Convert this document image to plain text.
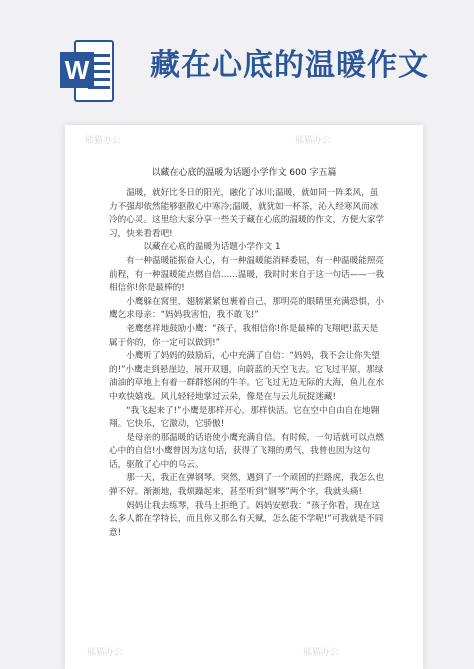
W 藏在心底的温暖作文
熊猫办公	熊猫办公
熊猫办公	熊猫办公
以藏在心底的温暖为话题小学作文 600 字五篇

温暖，就好比冬日的阳光，融化了冰川;温暖，就如同一阵柔风，虽力不强却依然能够驱散心中寒冷;温暖，就犹如一杯茶，沁入经寒风而冰冷的心灵。这里给大家分享一些关于藏在心底的温暖的作文，方便大家学习，快来看看吧!

以藏在心底的温暖为话题小学作文 1

有一种温暖能振奋人心，有一种温暖能消释委屈，有一种温暖能照亮前程，有一种温暖能点燃自信……温暖，我时时来自于这一句话——一我相信你!你是最棒的!

小鹰躲在窝里，翅膀紧紧包裹着自己，那明亮的眼睛里充满恐惧，小鹰乞求母亲：“妈妈我害怕，我不敢飞!”

老鹰慈祥地鼓励小鹰：“孩子，我相信你!你是最棒的飞翔吧!蓝天是属于你的，你一定可以做到!”

小鹰听了妈妈的鼓励后，心中充满了自信：“妈妈，我不会让你失望的!”小鹰走到悬崖边，展开双翅，向蔚蓝的天空飞去。它飞过平原，那绿油油的草地上有着一群群悠闲的牛羊。它飞过无边无际的大海，鱼儿在水中欢快嬉戏。风儿轻轻地掌过云朵，像是在与云儿玩捉迷藏!

“我飞起来了!”小鹰是那样开心，那样快活。它在空中自由自在地翱翔。它快乐，它激动，它骄傲!

是母亲的那温暖的话语使小鹰充满自信。有时候，一句话就可以点燃心中的自信!小鹰曾因为这句话，获得了飞翔的勇气，我曾也因为这句话，驱散了心中的乌云。

那一天，我正在弹钢琴。突然，遇到了一个顽固的拦路虎，我怎么也弹不好。渐渐地，我烦躁起来，甚至听到“钢琴”两个字，我就头痛!

妈妈让我去练琴，我马上拒绝了。妈妈安慰我：“孩子你看，现在这么多人都在学特长，而且你又那么有天赋，怎么能不学呢!”可我就是不同意!
